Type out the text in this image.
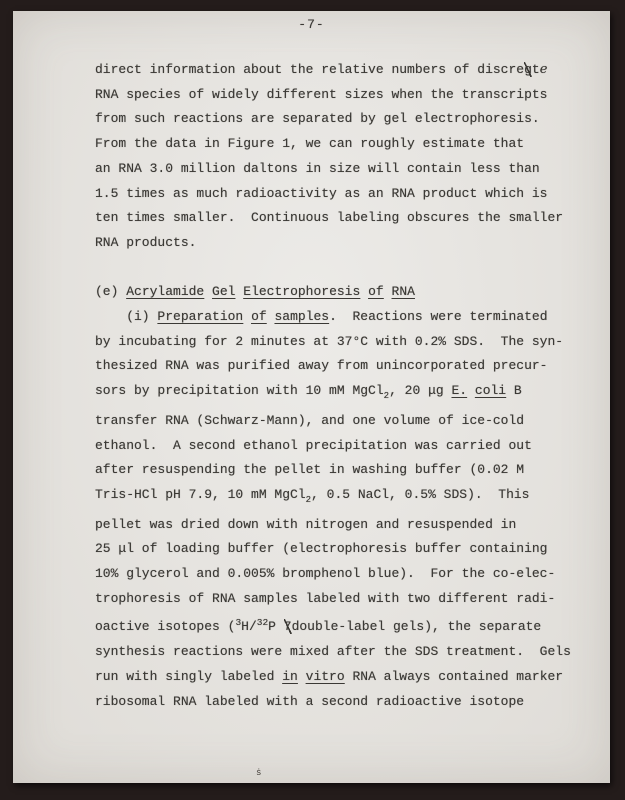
-7-
direct information about the relative numbers of discregte
RNA species of widely different sizes when the transcripts
from such reactions are separated by gel electrophoresis.
From the data in Figure 1, we can roughly estimate that
an RNA 3.0 million daltons in size will contain less than
1.5 times as much radioactivity as an RNA product which is
ten times smaller.  Continuous labeling obscures the smaller
RNA products.
(e) Acrylamide Gel Electrophoresis of RNA
(i) Preparation of samples.  Reactions were terminated
by incubating for 2 minutes at 37°C with 0.2% SDS.  The syn-
thesized RNA was purified away from unincorporated precur-
sors by precipitation with 10 mM MgCl$_2$, 20 μg E. coli B
transfer RNA (Schwarz-Mann), and one volume of ice-cold
ethanol.  A second ethanol precipitation was carried out
after resuspending the pellet in washing buffer (0.02 M
Tris-HCl pH 7.9, 10 mM MgCl$_2$, 0.5 NaCl, 0.5% SDS).  This
pellet was dried down with nitrogen and resuspended in
25 μl of loading buffer (electrophoresis buffer containing
10% glycerol and 0.005% bromphenol blue).  For the co-elec-
trophoresis of RNA samples labeled with two different radi-
oactive isotopes ($^3$H/$^{32}$P 7double-label gels), the separate
synthesis reactions were mixed after the SDS treatment.  Gels
run with singly labeled in vitro RNA always contained marker
ribosomal RNA labeled with a second radioactive isotope
ṡ
